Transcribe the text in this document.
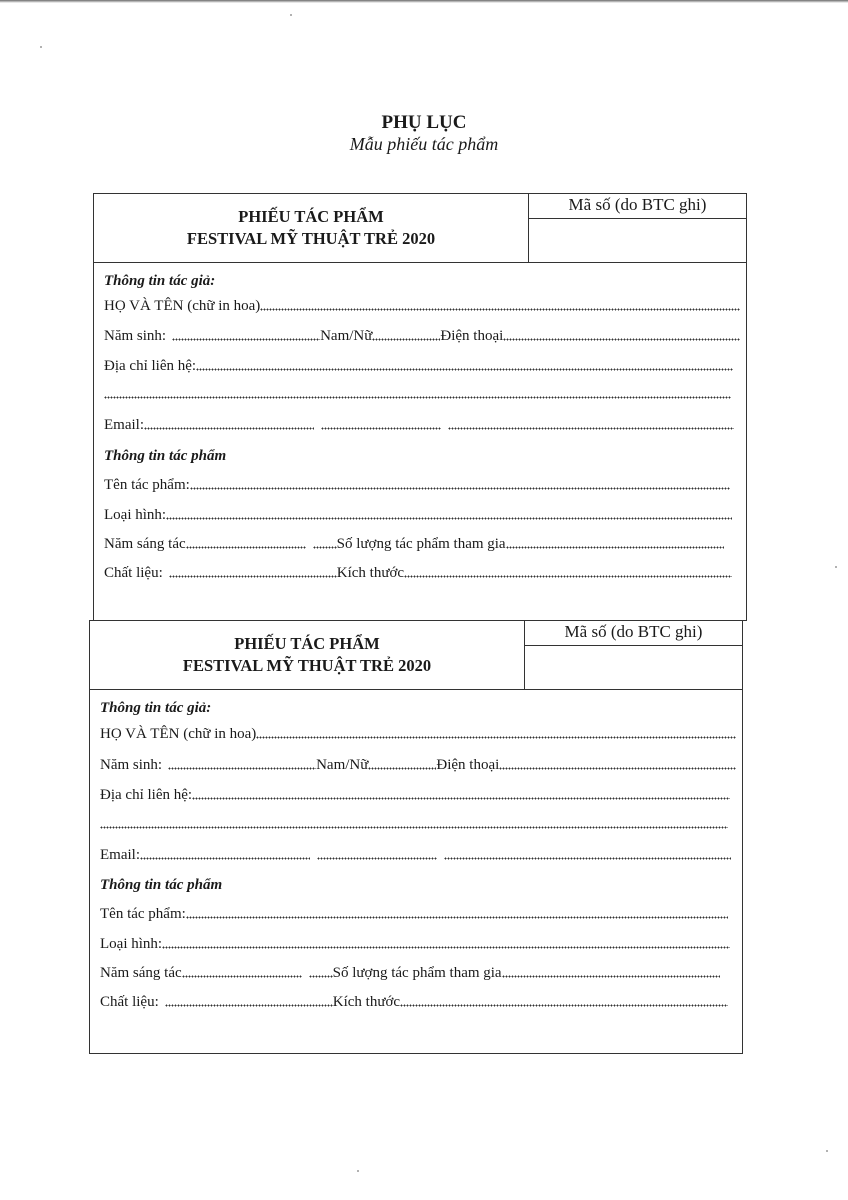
PHỤ LỤC
Mẫu phiếu tác phẩm
PHIẾU TÁC PHẨM
FESTIVAL MỸ THUẬT TRẺ 2020
Mã số (do BTC ghi)
Thông tin tác giả:
HỌ VÀ TÊN (chữ in hoa)
Năm sinh:	Nam/Nữ	Điện thoại
Địa chỉ liên hệ:
Email:
Thông tin tác phẩm
Tên tác phẩm:
Loại hình:
Năm sáng tác	Số lượng tác phẩm tham gia
Chất liệu:	Kích thước
PHIẾU TÁC PHẨM
FESTIVAL MỸ THUẬT TRẺ 2020
Mã số (do BTC ghi)
Thông tin tác giả:
HỌ VÀ TÊN (chữ in hoa)
Năm sinh:	Nam/Nữ	Điện thoại
Địa chỉ liên hệ:
Email:
Thông tin tác phẩm
Tên tác phẩm:
Loại hình:
Năm sáng tác	Số lượng tác phẩm tham gia
Chất liệu:	Kích thước
